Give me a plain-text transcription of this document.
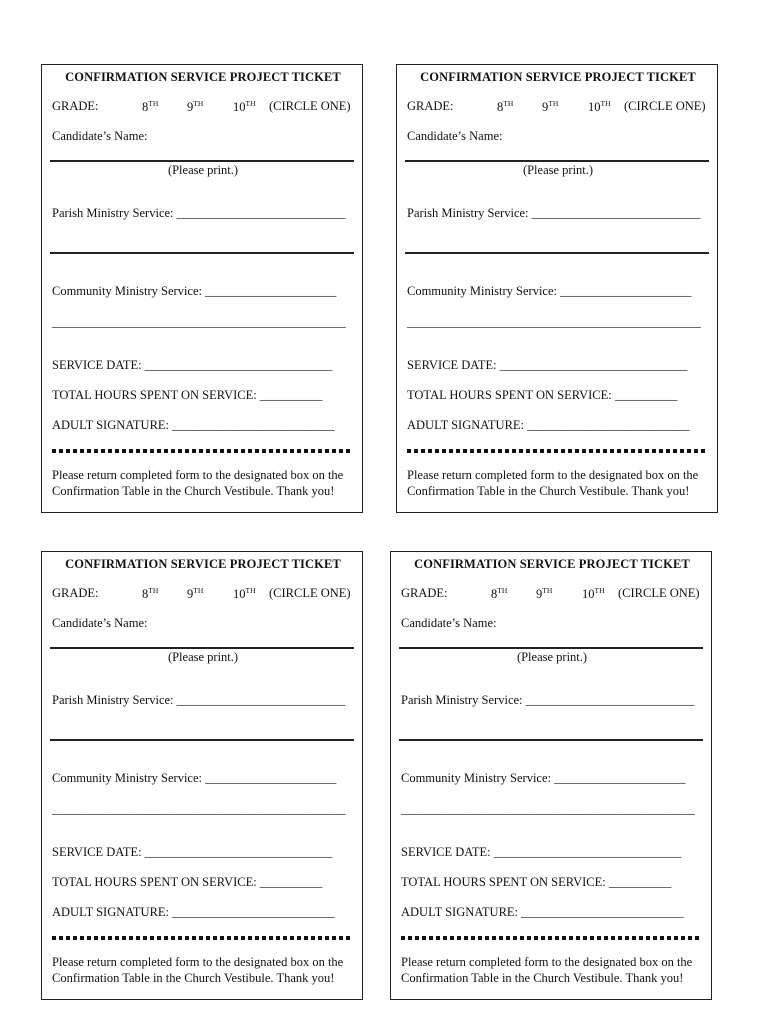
CONFIRMATION SERVICE PROJECT TICKET
GRADE:	8TH 9TH 10TH (CIRCLE ONE)
Candidate’s Name:
(Please print.)
Parish Ministry Service: ___________________________
Community Ministry Service: _____________________
_______________________________________________
SERVICE DATE: ______________________________
TOTAL HOURS SPENT ON SERVICE: __________
ADULT SIGNATURE: __________________________
Please return completed form to the designated box on the
Confirmation Table in the Church Vestibule. Thank you!
CONFIRMATION SERVICE PROJECT TICKET
GRADE:	8TH 9TH 10TH (CIRCLE ONE)
Candidate’s Name:
(Please print.)
Parish Ministry Service: ___________________________
Community Ministry Service: _____________________
_______________________________________________
SERVICE DATE: ______________________________
TOTAL HOURS SPENT ON SERVICE: __________
ADULT SIGNATURE: __________________________
Please return completed form to the designated box on the
Confirmation Table in the Church Vestibule. Thank you!
CONFIRMATION SERVICE PROJECT TICKET
GRADE:	8TH 9TH 10TH (CIRCLE ONE)
Candidate’s Name:
(Please print.)
Parish Ministry Service: ___________________________
Community Ministry Service: _____________________
_______________________________________________
SERVICE DATE: ______________________________
TOTAL HOURS SPENT ON SERVICE: __________
ADULT SIGNATURE: __________________________
Please return completed form to the designated box on the
Confirmation Table in the Church Vestibule. Thank you!
CONFIRMATION SERVICE PROJECT TICKET
GRADE:	8TH 9TH 10TH (CIRCLE ONE)
Candidate’s Name:
(Please print.)
Parish Ministry Service: ___________________________
Community Ministry Service: _____________________
_______________________________________________
SERVICE DATE: ______________________________
TOTAL HOURS SPENT ON SERVICE: __________
ADULT SIGNATURE: __________________________
Please return completed form to the designated box on the
Confirmation Table in the Church Vestibule. Thank you!
